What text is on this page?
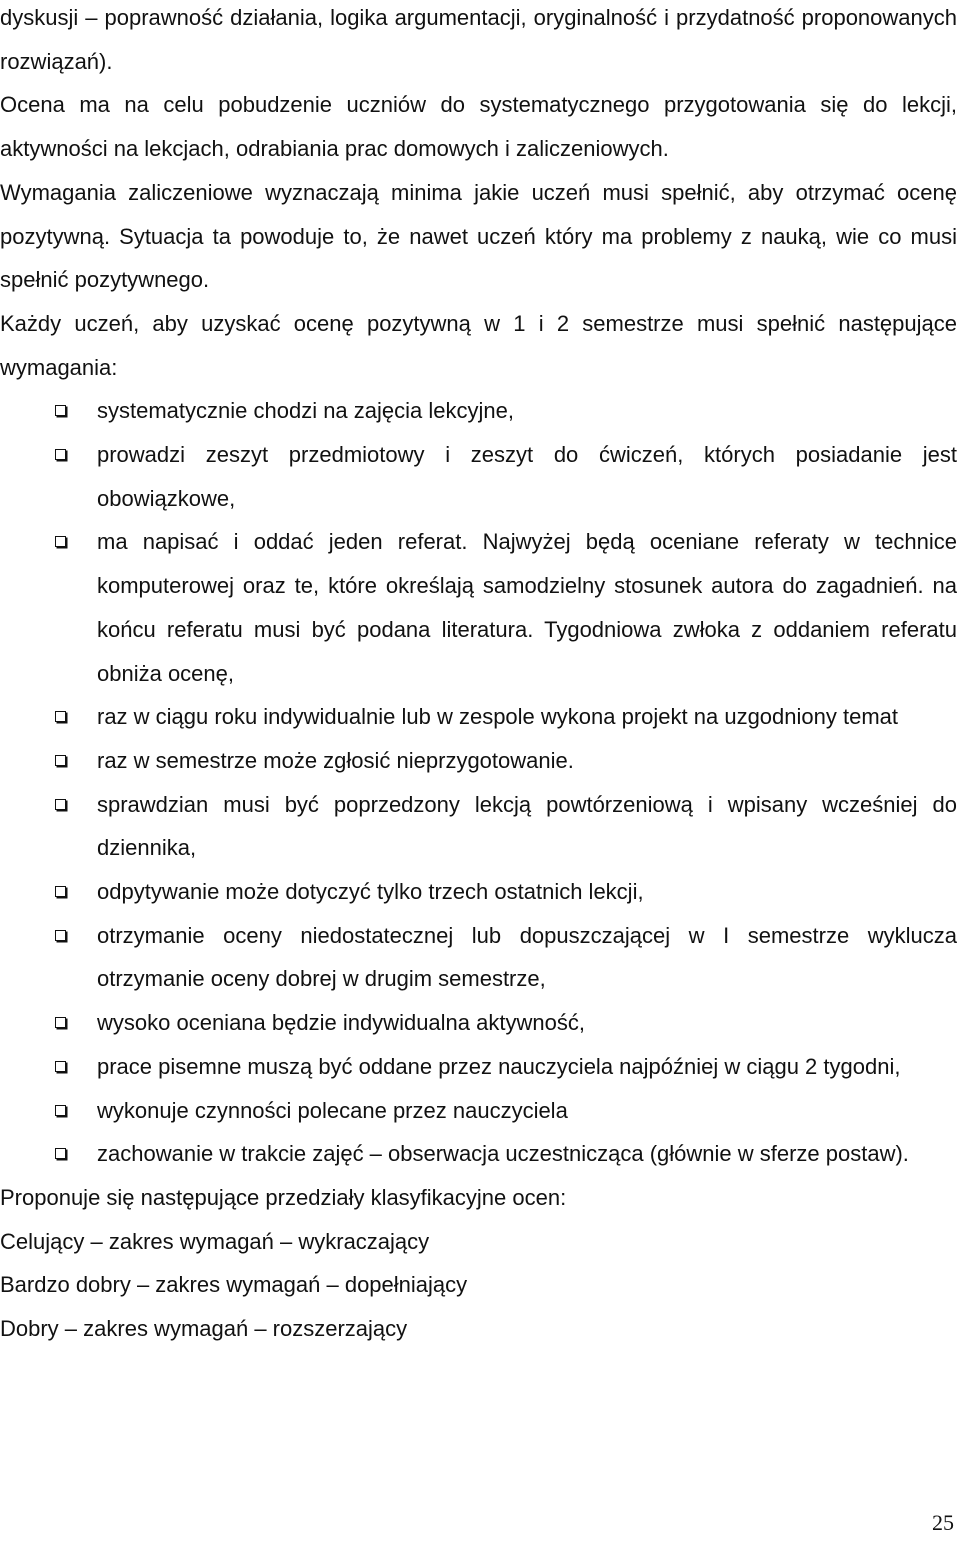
dyskusji – poprawność działania, logika argumentacji, oryginalność i przydatność proponowanych rozwiązań).

Ocena ma na celu pobudzenie uczniów do systematycznego przygotowania się do lekcji, aktywności na lekcjach, odrabiania prac domowych i zaliczeniowych.

Wymagania zaliczeniowe wyznaczają minima jakie uczeń musi spełnić, aby otrzymać ocenę pozytywną. Sytuacja ta powoduje to, że nawet uczeń który ma problemy z nauką, wie co musi spełnić pozytywnego.

Każdy uczeń, aby uzyskać ocenę pozytywną w 1 i 2 semestrze musi spełnić następujące wymagania:

systematycznie chodzi na zajęcia lekcyjne,
prowadzi zeszyt przedmiotowy i zeszyt do ćwiczeń, których posiadanie jest obowiązkowe,
ma napisać i oddać jeden referat. Najwyżej będą oceniane referaty w technice komputerowej oraz te, które określają samodzielny stosunek autora do zagadnień. na końcu referatu musi być podana literatura. Tygodniowa zwłoka z oddaniem referatu obniża ocenę,
raz w ciągu roku indywidualnie lub w zespole wykona projekt na uzgodniony temat
raz w semestrze może zgłosić nieprzygotowanie.
sprawdzian musi być poprzedzony lekcją powtórzeniową i wpisany wcześniej do dziennika,
odpytywanie może dotyczyć tylko trzech ostatnich lekcji,
otrzymanie oceny niedostatecznej lub dopuszczającej w I semestrze wyklucza otrzymanie oceny dobrej w drugim semestrze,
wysoko oceniana będzie indywidualna aktywność,
prace pisemne muszą być oddane przez nauczyciela najpóźniej w ciągu 2 tygodni,
wykonuje czynności polecane przez nauczyciela
zachowanie w trakcie zajęć – obserwacja uczestnicząca (głównie w sferze postaw).

Proponuje się następujące przedziały klasyfikacyjne ocen:

Celujący – zakres wymagań – wykraczający

Bardzo dobry – zakres wymagań – dopełniający

Dobry – zakres wymagań – rozszerzający

25
